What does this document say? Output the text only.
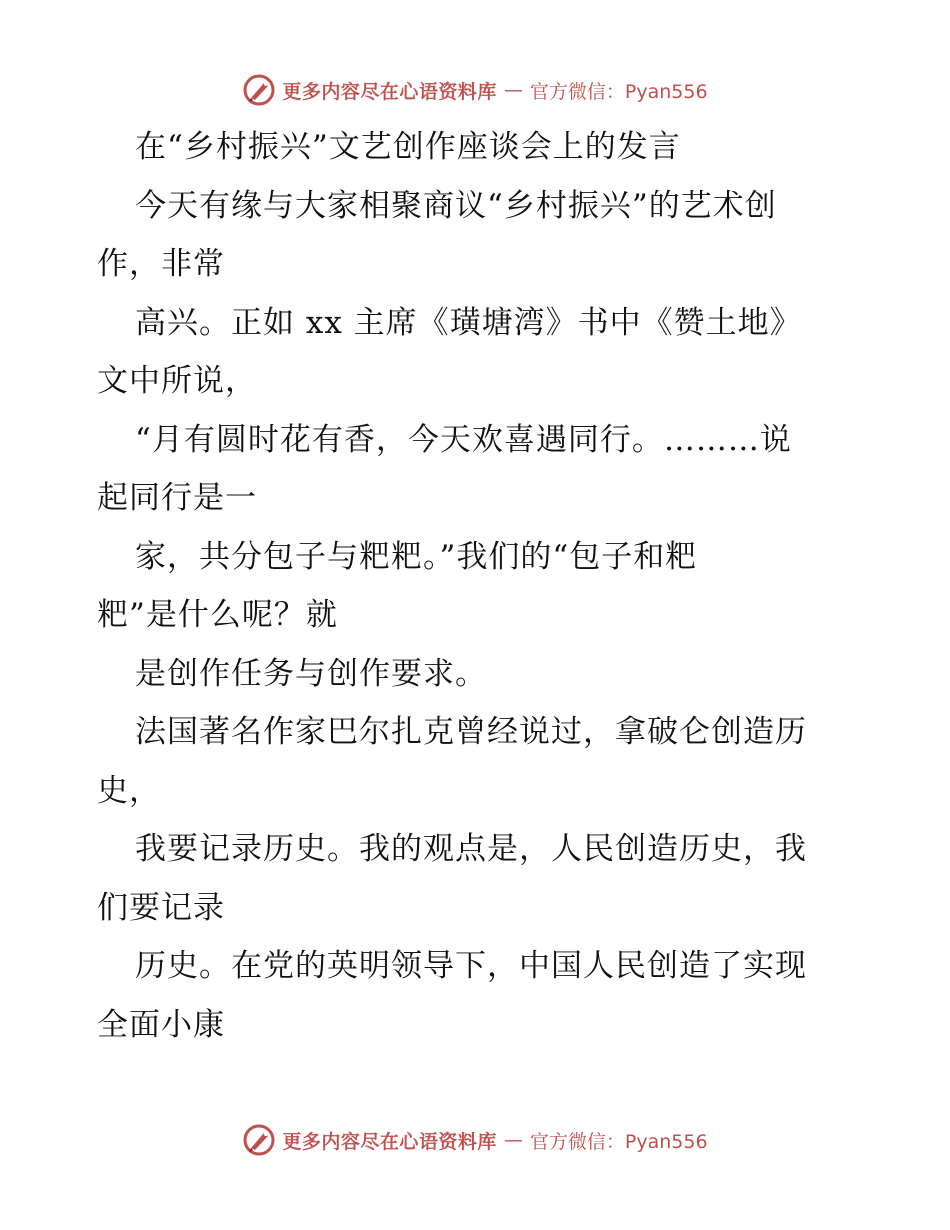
更多内容尽在心语资料库 — 官方微信：Pyan556
在“乡村振兴”文艺创作座谈会上的发言
今天有缘与大家相聚商议“乡村振兴”的艺术创
作，非常
高兴。正如 xx 主席《璜塘湾》书中《赞土地》
文中所说，
“月有圆时花有香，今天欢喜遇同行。………说
起同行是一
家，共分包子与粑粑。”我们的“包子和粑
粑”是什么呢？就
是创作任务与创作要求。
法国著名作家巴尔扎克曾经说过，拿破仑创造历
史，
我要记录历史。我的观点是，人民创造历史，我
们要记录
历史。在党的英明领导下，中国人民创造了实现
全面小康
更多内容尽在心语资料库 — 官方微信：Pyan556
